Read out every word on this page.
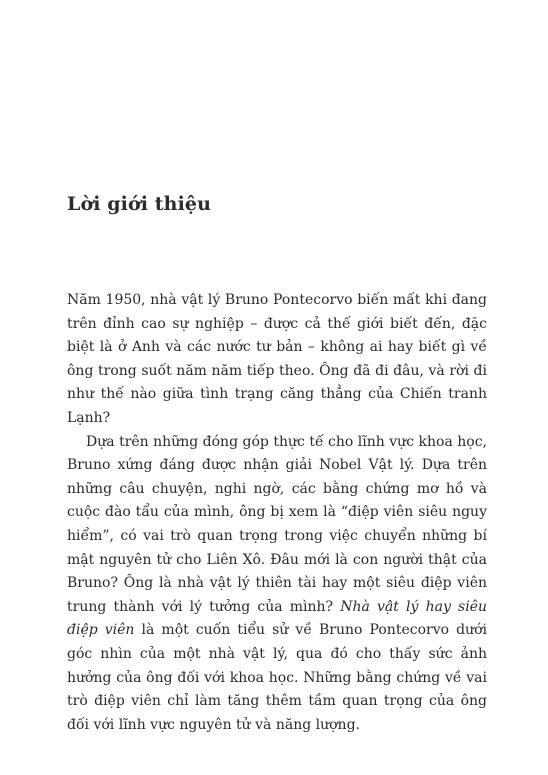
Lời giới thiệu

Năm 1950, nhà vật lý Bruno Pontecorvo biến mất khi đang trên đỉnh cao sự nghiệp – được cả thế giới biết đến, đặc biệt là ở Anh và các nước tư bản – không ai hay biết gì về ông trong suốt năm năm tiếp theo. Ông đã đi đâu, và rời đi như thế nào giữa tình trạng căng thẳng của Chiến tranh Lạnh?

Dựa trên những đóng góp thực tế cho lĩnh vực khoa học, Bruno xứng đáng được nhận giải Nobel Vật lý. Dựa trên những câu chuyện, nghi ngờ, các bằng chứng mơ hồ và cuộc đào tẩu của mình, ông bị xem là “điệp viên siêu nguy hiểm”, có vai trò quan trọng trong việc chuyển những bí mật nguyên tử cho Liên Xô. Đâu mới là con người thật của Bruno? Ông là nhà vật lý thiên tài hay một siêu điệp viên trung thành với lý tưởng của mình? Nhà vật lý hay siêu điệp viên là một cuốn tiểu sử về Bruno Pontecorvo dưới góc nhìn của một nhà vật lý, qua đó cho thấy sức ảnh hưởng của ông đối với khoa học. Những bằng chứng về vai trò điệp viên chỉ làm tăng thêm tầm quan trọng của ông đối với lĩnh vực nguyên tử và năng lượng.
